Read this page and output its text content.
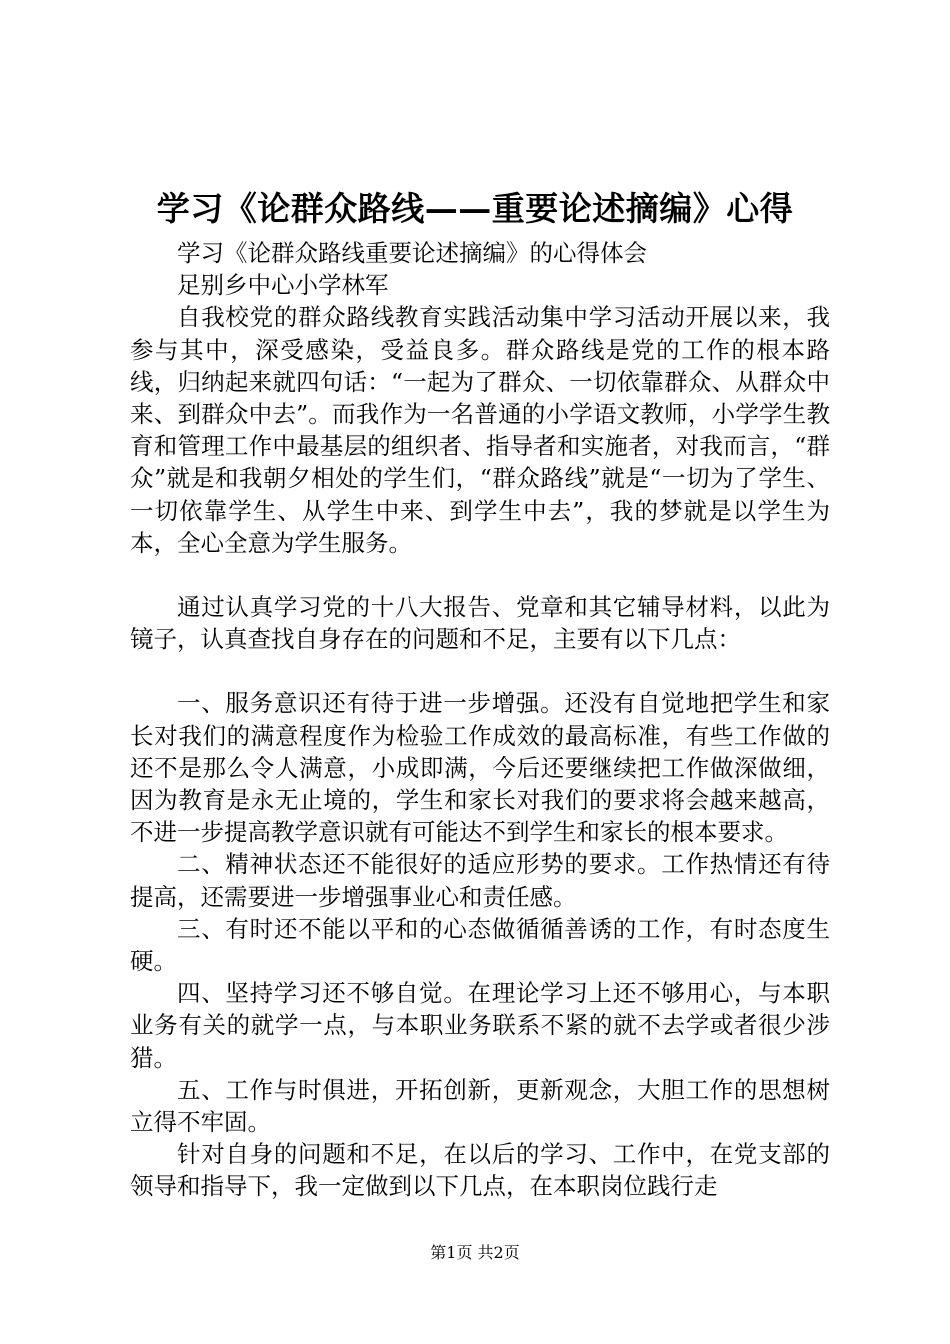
学习《论群众路线——重要论述摘编》心得

学习《论群众路线重要论述摘编》的心得体会

足别乡中心小学林军

自我校党的群众路线教育实践活动集中学习活动开展以来，我参与其中，深受感染，受益良多。群众路线是党的工作的根本路线，归纳起来就四句话：“一起为了群众、一切依靠群众、从群众中来、到群众中去”。而我作为一名普通的小学语文教师，小学学生教育和管理工作中最基层的组织者、指导者和实施者，对我而言，“群众”就是和我朝夕相处的学生们，“群众路线”就是“一切为了学生、一切依靠学生、从学生中来、到学生中去”，我的梦就是以学生为本，全心全意为学生服务。

通过认真学习党的十八大报告、党章和其它辅导材料，以此为镜子，认真查找自身存在的问题和不足，主要有以下几点：

一、服务意识还有待于进一步增强。还没有自觉地把学生和家长对我们的满意程度作为检验工作成效的最高标准，有些工作做的还不是那么令人满意，小成即满，今后还要继续把工作做深做细，因为教育是永无止境的，学生和家长对我们的要求将会越来越高，不进一步提高教学意识就有可能达不到学生和家长的根本要求。

二、精神状态还不能很好的适应形势的要求。工作热情还有待提高，还需要进一步增强事业心和责任感。

三、有时还不能以平和的心态做循循善诱的工作，有时态度生硬。

四、坚持学习还不够自觉。在理论学习上还不够用心，与本职业务有关的就学一点，与本职业务联系不紧的就不去学或者很少涉猎。

五、工作与时俱进，开拓创新，更新观念，大胆工作的思想树立得不牢固。

针对自身的问题和不足，在以后的学习、工作中，在党支部的领导和指导下，我一定做到以下几点，在本职岗位践行走

第1页 共2页
